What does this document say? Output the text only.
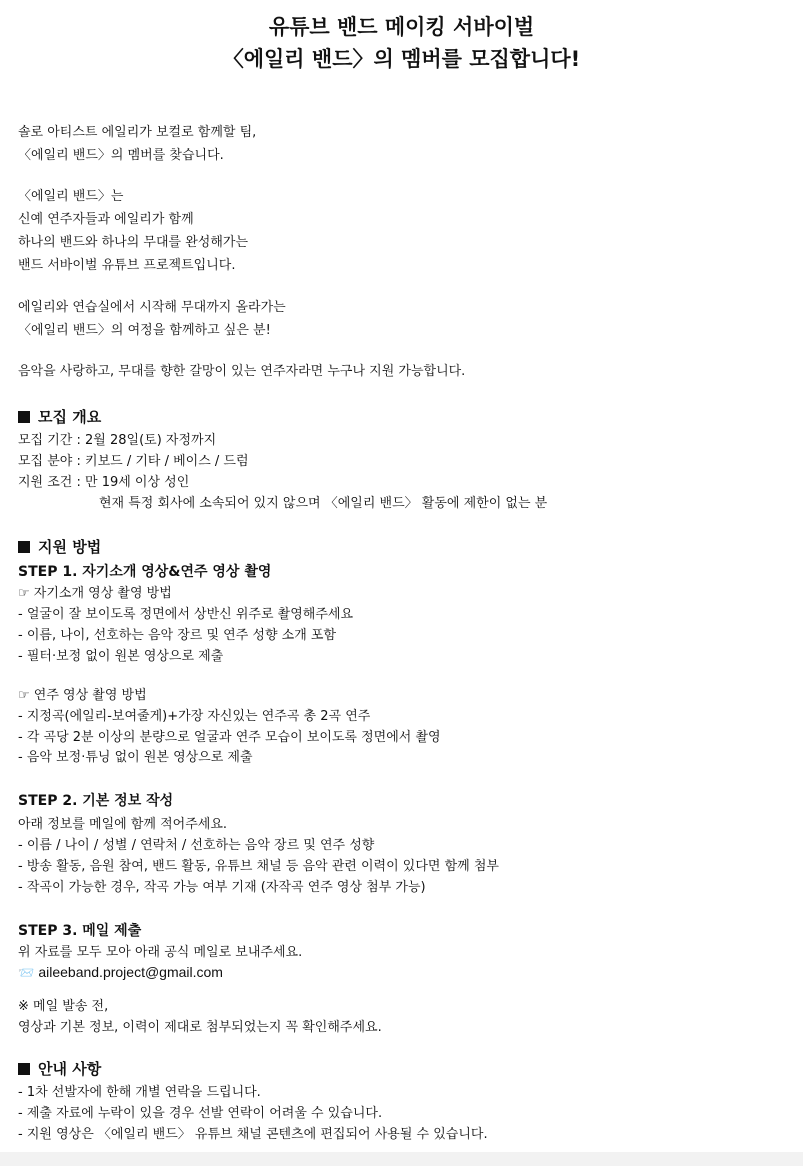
유튜브 밴드 메이킹 서바이벌
〈에일리 밴드〉의 멤버를 모집합니다!
솔로 아티스트 에일리가 보컬로 함께할 팀,
〈에일리 밴드〉의 멤버를 찾습니다.
〈에일리 밴드〉는
신예 연주자들과 에일리가 함께
하나의 밴드와 하나의 무대를 완성해가는
밴드 서바이벌 유튜브 프로젝트입니다.
에일리와 연습실에서 시작해 무대까지 올라가는
〈에일리 밴드〉의 여정을 함께하고 싶은 분!
음악을 사랑하고, 무대를 향한 갈망이 있는 연주자라면 누구나 지원 가능합니다.
모집 개요
모집 기간 : 2월 28일(토) 자정까지
모집 분야 : 키보드 / 기타 / 베이스 / 드럼
지원 조건 : 만 19세 이상 성인
현재 특정 회사에 소속되어 있지 않으며 〈에일리 밴드〉 활동에 제한이 없는 분
지원 방법
STEP 1. 자기소개 영상&연주 영상 촬영
☞ 자기소개 영상 촬영 방법
- 얼굴이 잘 보이도록 정면에서 상반신 위주로 촬영해주세요
- 이름, 나이, 선호하는 음악 장르 및 연주 성향 소개 포함
- 필터·보정 없이 원본 영상으로 제출
☞ 연주 영상 촬영 방법
- 지정곡(에일리-보여줄게)+가장 자신있는 연주곡 총 2곡 연주
- 각 곡당 2분 이상의 분량으로 얼굴과 연주 모습이 보이도록 정면에서 촬영
- 음악 보정·튜닝 없이 원본 영상으로 제출
STEP 2. 기본 정보 작성
아래 정보를 메일에 함께 적어주세요.
- 이름 / 나이 / 성별 / 연락처 / 선호하는 음악 장르 및 연주 성향
- 방송 활동, 음원 참여, 밴드 활동, 유튜브 채널 등 음악 관련 이력이 있다면 함께 첨부
- 작곡이 가능한 경우, 작곡 가능 여부 기재 (자작곡 연주 영상 첨부 가능)
STEP 3. 메일 제출
위 자료를 모두 모아 아래 공식 메일로 보내주세요.
📨 aileeband.project@gmail.com
※ 메일 발송 전,
영상과 기본 정보, 이력이 제대로 첨부되었는지 꼭 확인해주세요.
안내 사항
- 1차 선발자에 한해 개별 연락을 드립니다.
- 제출 자료에 누락이 있을 경우 선발 연락이 어려울 수 있습니다.
- 지원 영상은 〈에일리 밴드〉 유튜브 채널 콘텐츠에 편집되어 사용될 수 있습니다.
